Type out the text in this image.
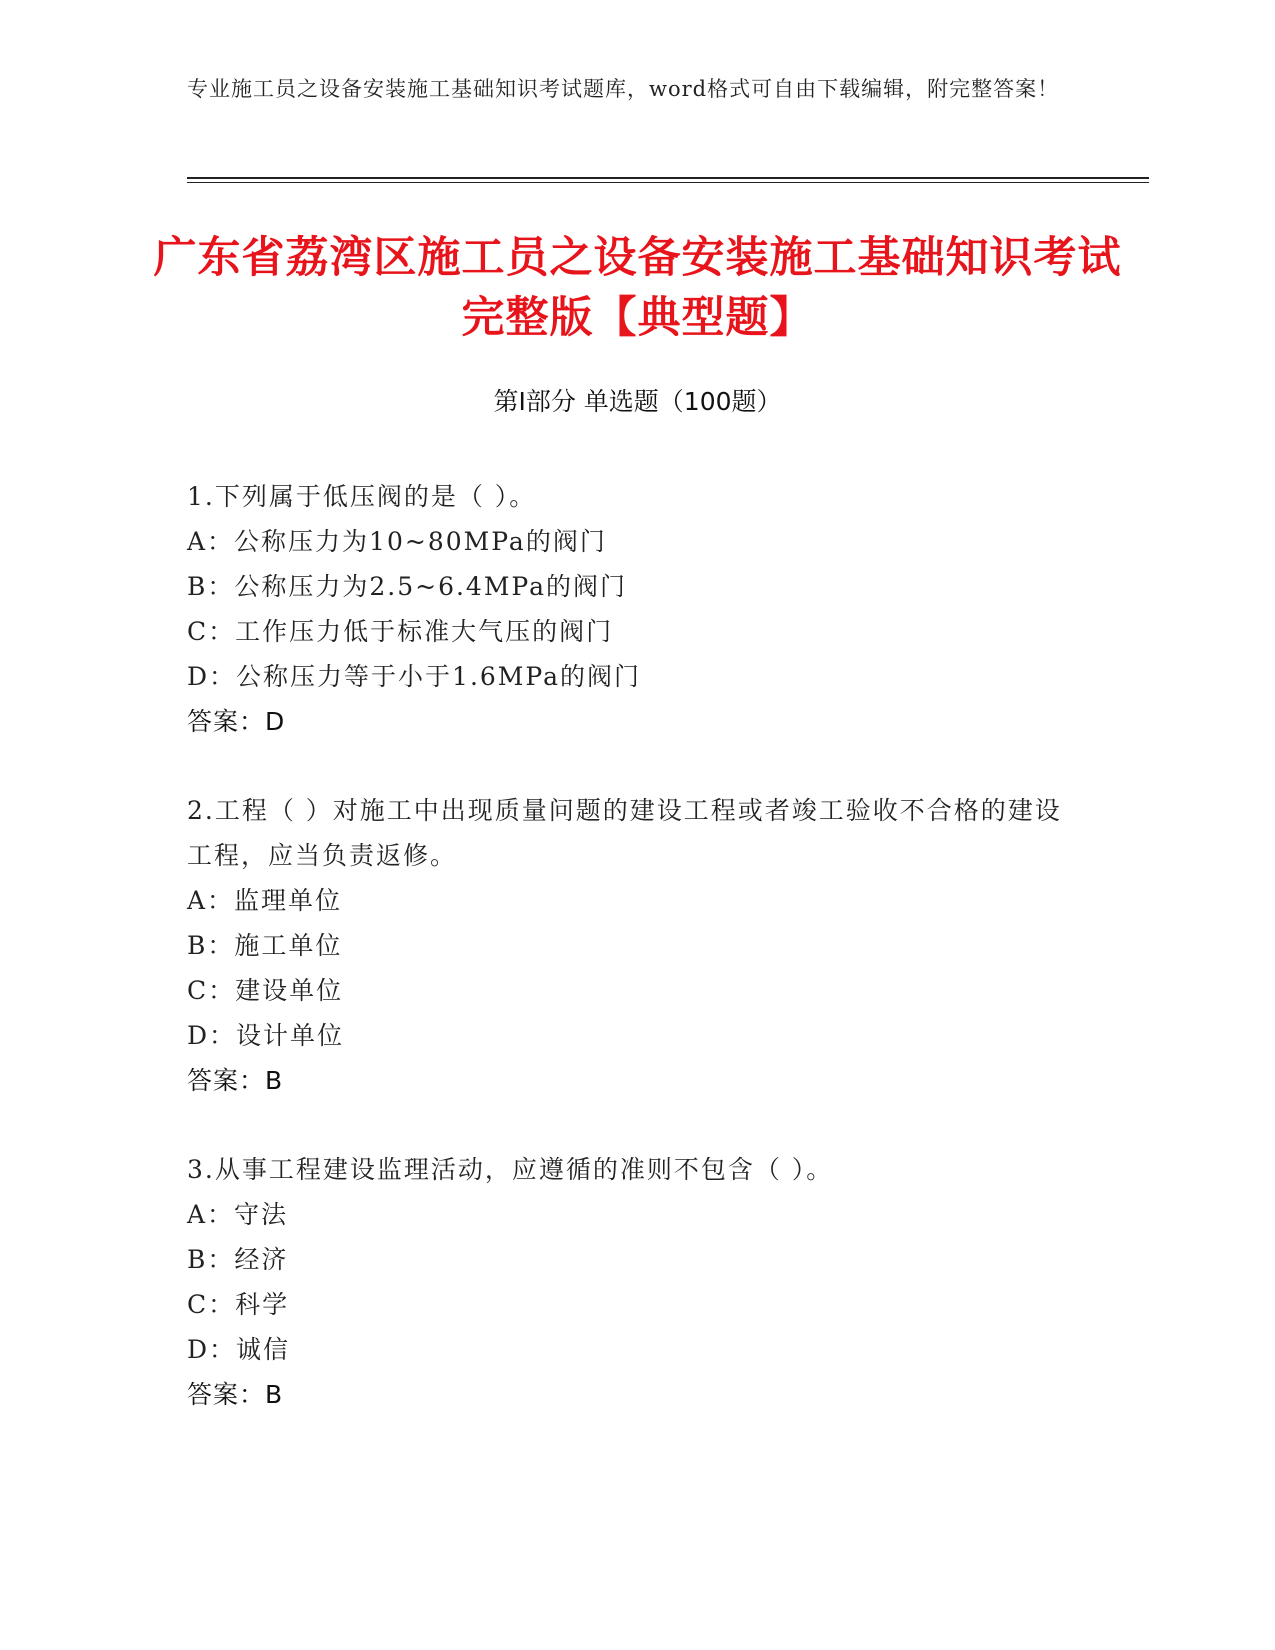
专业施工员之设备安装施工基础知识考试题库，word格式可自由下载编辑，附完整答案！
广东省荔湾区施工员之设备安装施工基础知识考试完整版【典型题】
第Ⅰ部分 单选题（100题）
1.下列属于低压阀的是（ ）。
A：公称压力为10~80MPa的阀门
B：公称压力为2.5~6.4MPa的阀门
C：工作压力低于标准大气压的阀门
D：公称压力等于小于1.6MPa的阀门
答案：D
2.工程（ ）对施工中出现质量问题的建设工程或者竣工验收不合格的建设工程，应当负责返修。
A：监理单位
B：施工单位
C：建设单位
D：设计单位
答案：B
3.从事工程建设监理活动，应遵循的准则不包含（ ）。
A：守法
B：经济
C：科学
D：诚信
答案：B
